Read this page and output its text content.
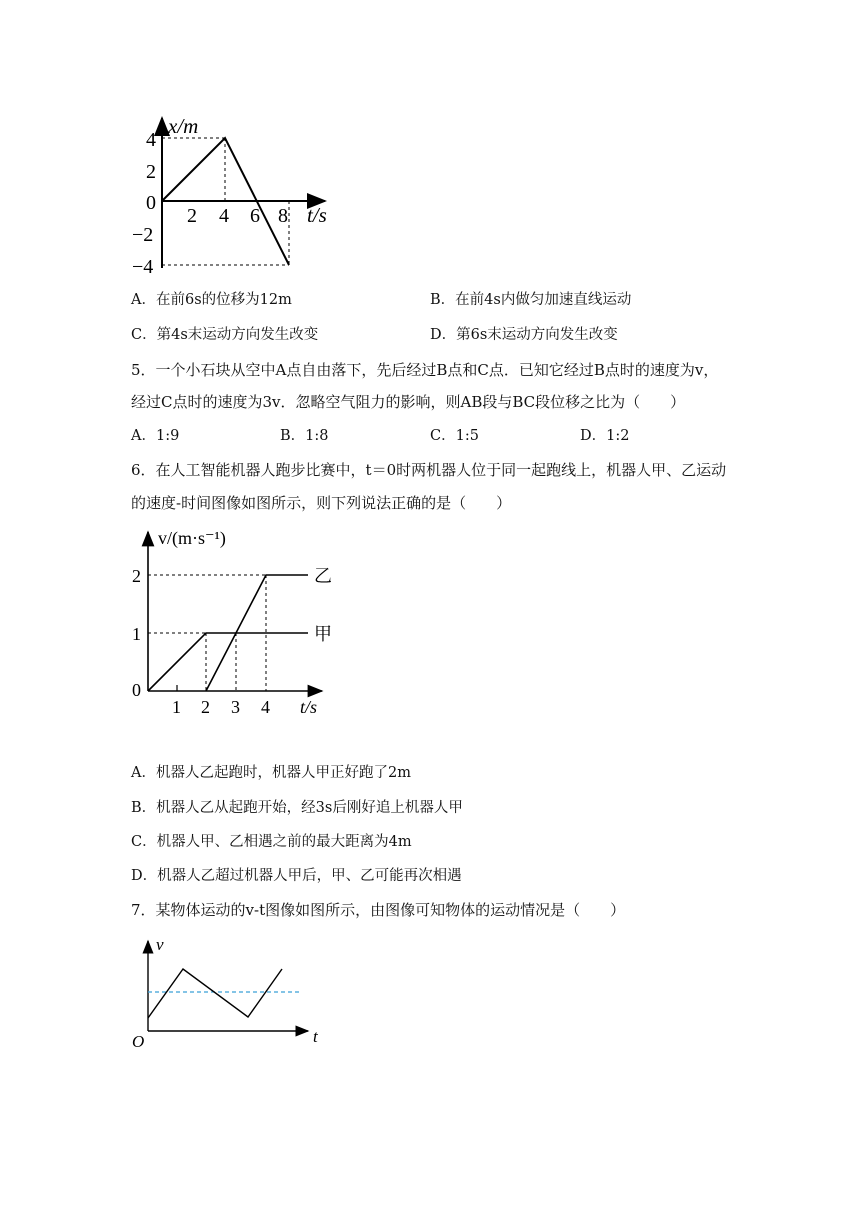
x/m
4
2
0
−2
−4
2 4 6 8 t/s
A．在前6s的位移为12m	B．在前4s内做匀加速直线运动
C．第4s末运动方向发生改变	D．第6s末运动方向发生改变
5．一个小石块从空中A点自由落下，先后经过B点和C点．已知它经过B点时的速度为v，
经过C点时的速度为3v．忽略空气阻力的影响，则AB段与BC段位移之比为（　　）
A．1:9	B．1:8	C．1:5	D．1:2
6．在人工智能机器人跑步比赛中，t＝0时两机器人位于同一起跑线上，机器人甲、乙运动
的速度-时间图像如图所示，则下列说法正确的是（　　）
v/(m·s⁻¹)
2
1
0
1 2 3 4 t/s
乙
甲
A．机器人乙起跑时，机器人甲正好跑了2m
B．机器人乙从起跑开始，经3s后刚好追上机器人甲
C．机器人甲、乙相遇之前的最大距离为4m
D．机器人乙超过机器人甲后，甲、乙可能再次相遇
7．某物体运动的v-t图像如图所示，由图像可知物体的运动情况是（　　）
v
t
O
